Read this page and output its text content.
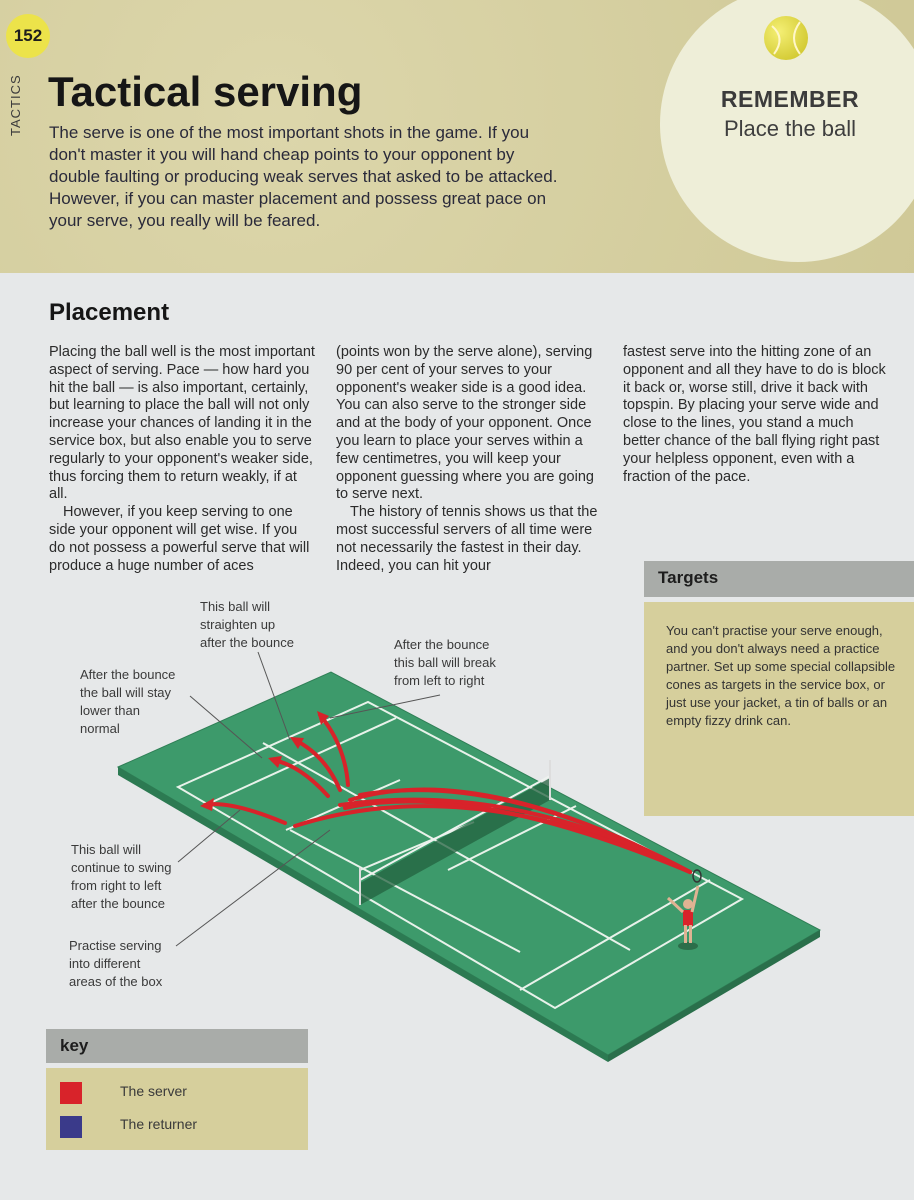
152
TACTICS Tactical serving

The serve is one of the most important shots in the game. If you don't master it you will hand cheap points to your opponent by double faulting or producing weak serves that asked to be attacked. However, if you can master placement and possess great pace on your serve, you really will be feared.

REMEMBER
Place the ball
Placement

Placing the ball well is the most important aspect of serving. Pace — how hard you hit the ball — is also important, certainly, but learning to place the ball will not only increase your chances of landing it in the service box, but also enable you to serve regularly to your opponent's weaker side, thus forcing them to return weakly, if at all.

However, if you keep serving to one side your opponent will get wise. If you do not possess a powerful serve that will produce a huge number of aces

(points won by the serve alone), serving 90 per cent of your serves to your opponent's weaker side is a good idea. You can also serve to the stronger side and at the body of your opponent. Once you learn to place your serves within a few centimetres, you will keep your opponent guessing where you are going to serve next.

The history of tennis shows us that the most successful servers of all time were not necessarily the fastest in their day. Indeed, you can hit your

fastest serve into the hitting zone of an opponent and all they have to do is block it back or, worse still, drive it back with topspin. By placing your serve wide and close to the lines, you stand a much better chance of the ball flying right past your helpless opponent, even with a fraction of the pace.

Targets
You can't practise your serve enough, and you don't always need a practice partner. Set up some special collapsible cones as targets in the service box, or just use your jacket, a tin of balls or an empty fizzy drink can.
This ball will
straighten up
after the bounce	After the bounce
this ball will break
from left to right
After the bounce
the ball will stay
lower than
normal
This ball will
continue to swing
from right to left
after the bounce
Practise serving
into different
areas of the box
key
The server
The returner
